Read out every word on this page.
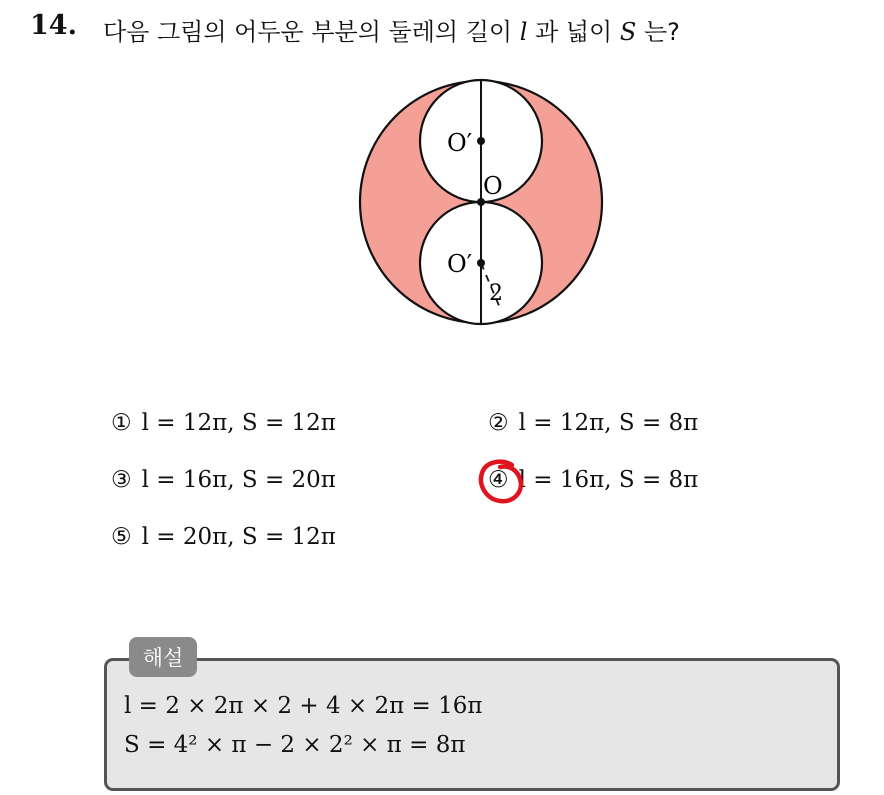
14. 다음 그림의 어두운 부분의 둘레의 길이 l 과 넓이 S 는?
O′
O
O′
2
① l = 12π, S = 12π	② l = 12π, S = 8π
③ l = 16π, S = 20π	④ l = 16π, S = 8π
⑤ l = 20π, S = 12π
해설
l = 2 × 2π × 2 + 4 × 2π = 16π
S = 4² × π − 2 × 2² × π = 8π
